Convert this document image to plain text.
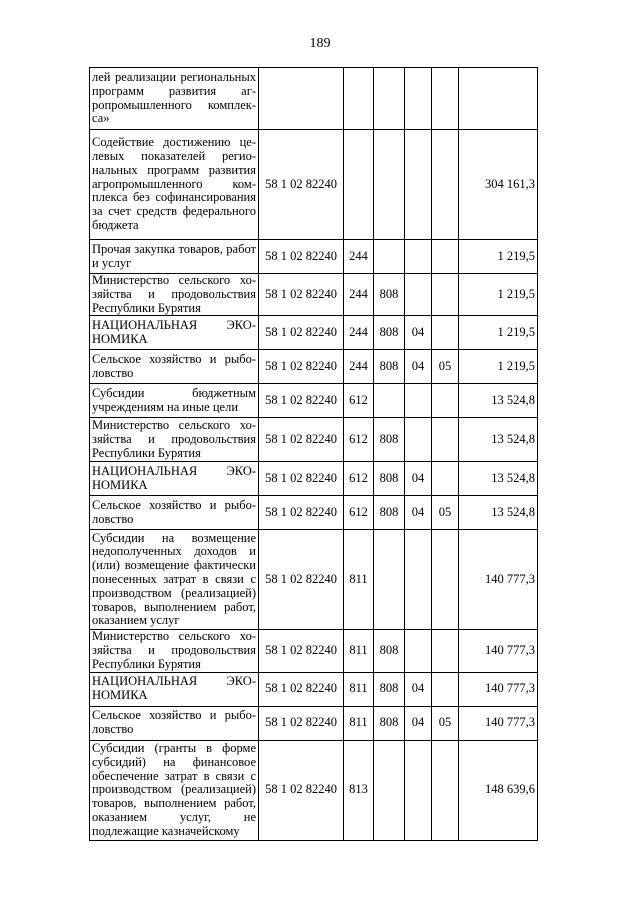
189
лей реализации региональных программ развития агропромышленного комплекса»						
Содействие достижению целевых показателей региональных программ развития агропромышленного комплекса без софинансирования за счет средств федерального бюджета	58 1 02 82240					304 161,3
Прочая закупка товаров, работ и услуг	58 1 02 82240	244				1 219,5
Министерство сельского хозяйства и продовольствия Республики Бурятия	58 1 02 82240	244	808			1 219,5
НАЦИОНАЛЬНАЯ ЭКОНОМИКА	58 1 02 82240	244	808	04		1 219,5
Сельское хозяйство и рыболовство	58 1 02 82240	244	808	04	05	1 219,5
Субсидии бюджетным учреждениям на иные цели	58 1 02 82240	612				13 524,8
Министерство сельского хозяйства и продовольствия Республики Бурятия	58 1 02 82240	612	808			13 524,8
НАЦИОНАЛЬНАЯ ЭКОНОМИКА	58 1 02 82240	612	808	04		13 524,8
Сельское хозяйство и рыболовство	58 1 02 82240	612	808	04	05	13 524,8
Субсидии на возмещение недополученных доходов и (или) возмещение фактически понесенных затрат в связи с производством (реализацией) товаров, выполнением работ, оказанием услуг	58 1 02 82240	811				140 777,3
Министерство сельского хозяйства и продовольствия Республики Бурятия	58 1 02 82240	811	808			140 777,3
НАЦИОНАЛЬНАЯ ЭКОНОМИКА	58 1 02 82240	811	808	04		140 777,3
Сельское хозяйство и рыболовство	58 1 02 82240	811	808	04	05	140 777,3
Субсидии (гранты в форме субсидий) на финансовое обеспечение затрат в связи с производством (реализацией) товаров, выполнением работ, оказанием услуг, не подлежащие казначейскому	58 1 02 82240	813				148 639,6
